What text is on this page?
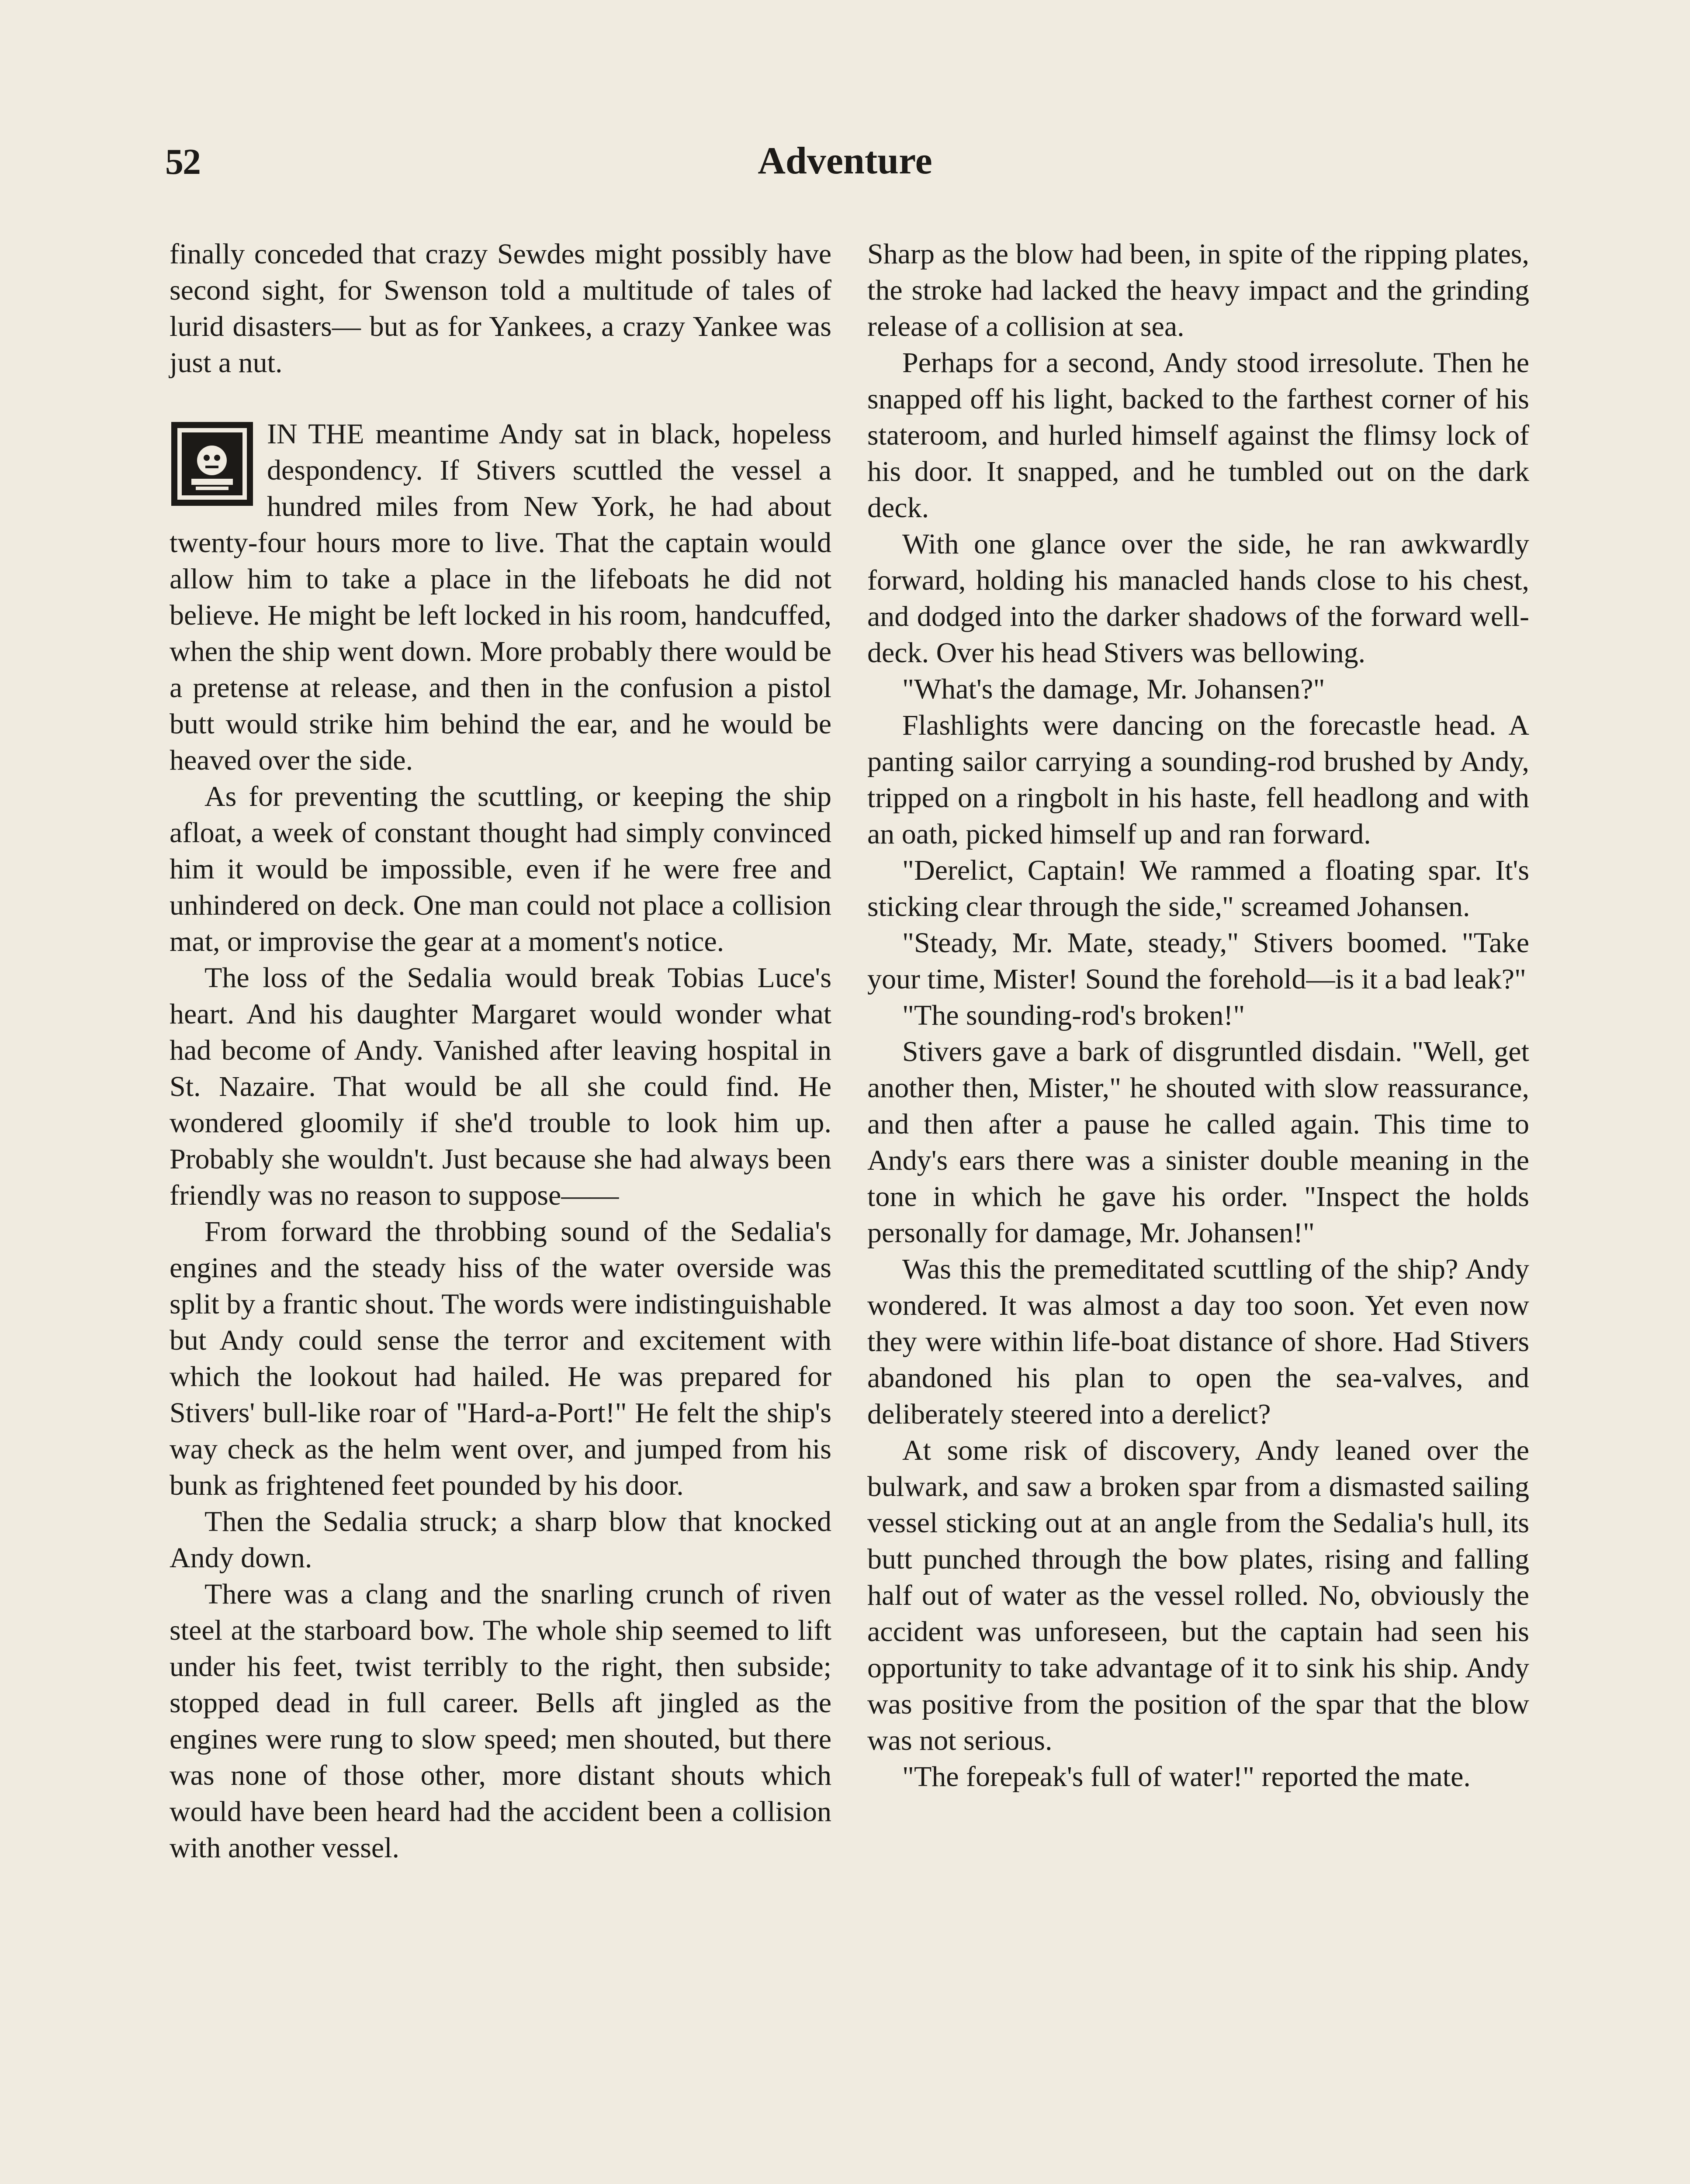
52	Adventure

finally conceded that crazy Sewdes might possibly have second sight, for Swenson told a multitude of tales of lurid disasters— but as for Yankees, a crazy Yankee was just a nut.

IN THE meantime Andy sat in black, hopeless despondency. If Stivers scuttled the vessel a hundred miles from New York, he had about twenty-four hours more to live. That the captain would allow him to take a place in the lifeboats he did not believe. He might be left locked in his room, handcuffed, when the ship went down. More probably there would be a pretense at release, and then in the confusion a pistol butt would strike him behind the ear, and he would be heaved over the side.

As for preventing the scuttling, or keeping the ship afloat, a week of constant thought had simply convinced him it would be impossible, even if he were free and unhindered on deck. One man could not place a collision mat, or improvise the gear at a moment's notice.

The loss of the Sedalia would break Tobias Luce's heart. And his daughter Margaret would wonder what had become of Andy. Vanished after leaving hospital in St. Nazaire. That would be all she could find. He wondered gloomily if she'd trouble to look him up. Probably she wouldn't. Just because she had always been friendly was no reason to suppose——

From forward the throbbing sound of the Sedalia's engines and the steady hiss of the water overside was split by a frantic shout. The words were indistinguishable but Andy could sense the terror and excitement with which the lookout had hailed. He was prepared for Stivers' bull-like roar of "Hard-a-Port!" He felt the ship's way check as the helm went over, and jumped from his bunk as frightened feet pounded by his door.

Then the Sedalia struck; a sharp blow that knocked Andy down.

There was a clang and the snarling crunch of riven steel at the starboard bow. The whole ship seemed to lift under his feet, twist terribly to the right, then subside; stopped dead in full career. Bells aft jingled as the engines were rung to slow speed; men shouted, but there was none of those other, more distant shouts which would have been heard had the accident been a collision with another vessel.

Sharp as the blow had been, in spite of the ripping plates, the stroke had lacked the heavy impact and the grinding release of a collision at sea.

Perhaps for a second, Andy stood irresolute. Then he snapped off his light, backed to the farthest corner of his stateroom, and hurled himself against the flimsy lock of his door. It snapped, and he tumbled out on the dark deck.

With one glance over the side, he ran awkwardly forward, holding his manacled hands close to his chest, and dodged into the darker shadows of the forward well-deck. Over his head Stivers was bellowing.

"What's the damage, Mr. Johansen?"

Flashlights were dancing on the forecastle head. A panting sailor carrying a sounding-rod brushed by Andy, tripped on a ringbolt in his haste, fell headlong and with an oath, picked himself up and ran forward.

"Derelict, Captain! We rammed a floating spar. It's sticking clear through the side," screamed Johansen.

"Steady, Mr. Mate, steady," Stivers boomed. "Take your time, Mister! Sound the forehold—is it a bad leak?"

"The sounding-rod's broken!"

Stivers gave a bark of disgruntled disdain. "Well, get another then, Mister," he shouted with slow reassurance, and then after a pause he called again. This time to Andy's ears there was a sinister double meaning in the tone in which he gave his order. "Inspect the holds personally for damage, Mr. Johansen!"

Was this the premeditated scuttling of the ship? Andy wondered. It was almost a day too soon. Yet even now they were within life-boat distance of shore. Had Stivers abandoned his plan to open the sea-valves, and deliberately steered into a derelict?

At some risk of discovery, Andy leaned over the bulwark, and saw a broken spar from a dismasted sailing vessel sticking out at an angle from the Sedalia's hull, its butt punched through the bow plates, rising and falling half out of water as the vessel rolled. No, obviously the accident was unforeseen, but the captain had seen his opportunity to take advantage of it to sink his ship. Andy was positive from the position of the spar that the blow was not serious.

"The forepeak's full of water!" reported the mate.
